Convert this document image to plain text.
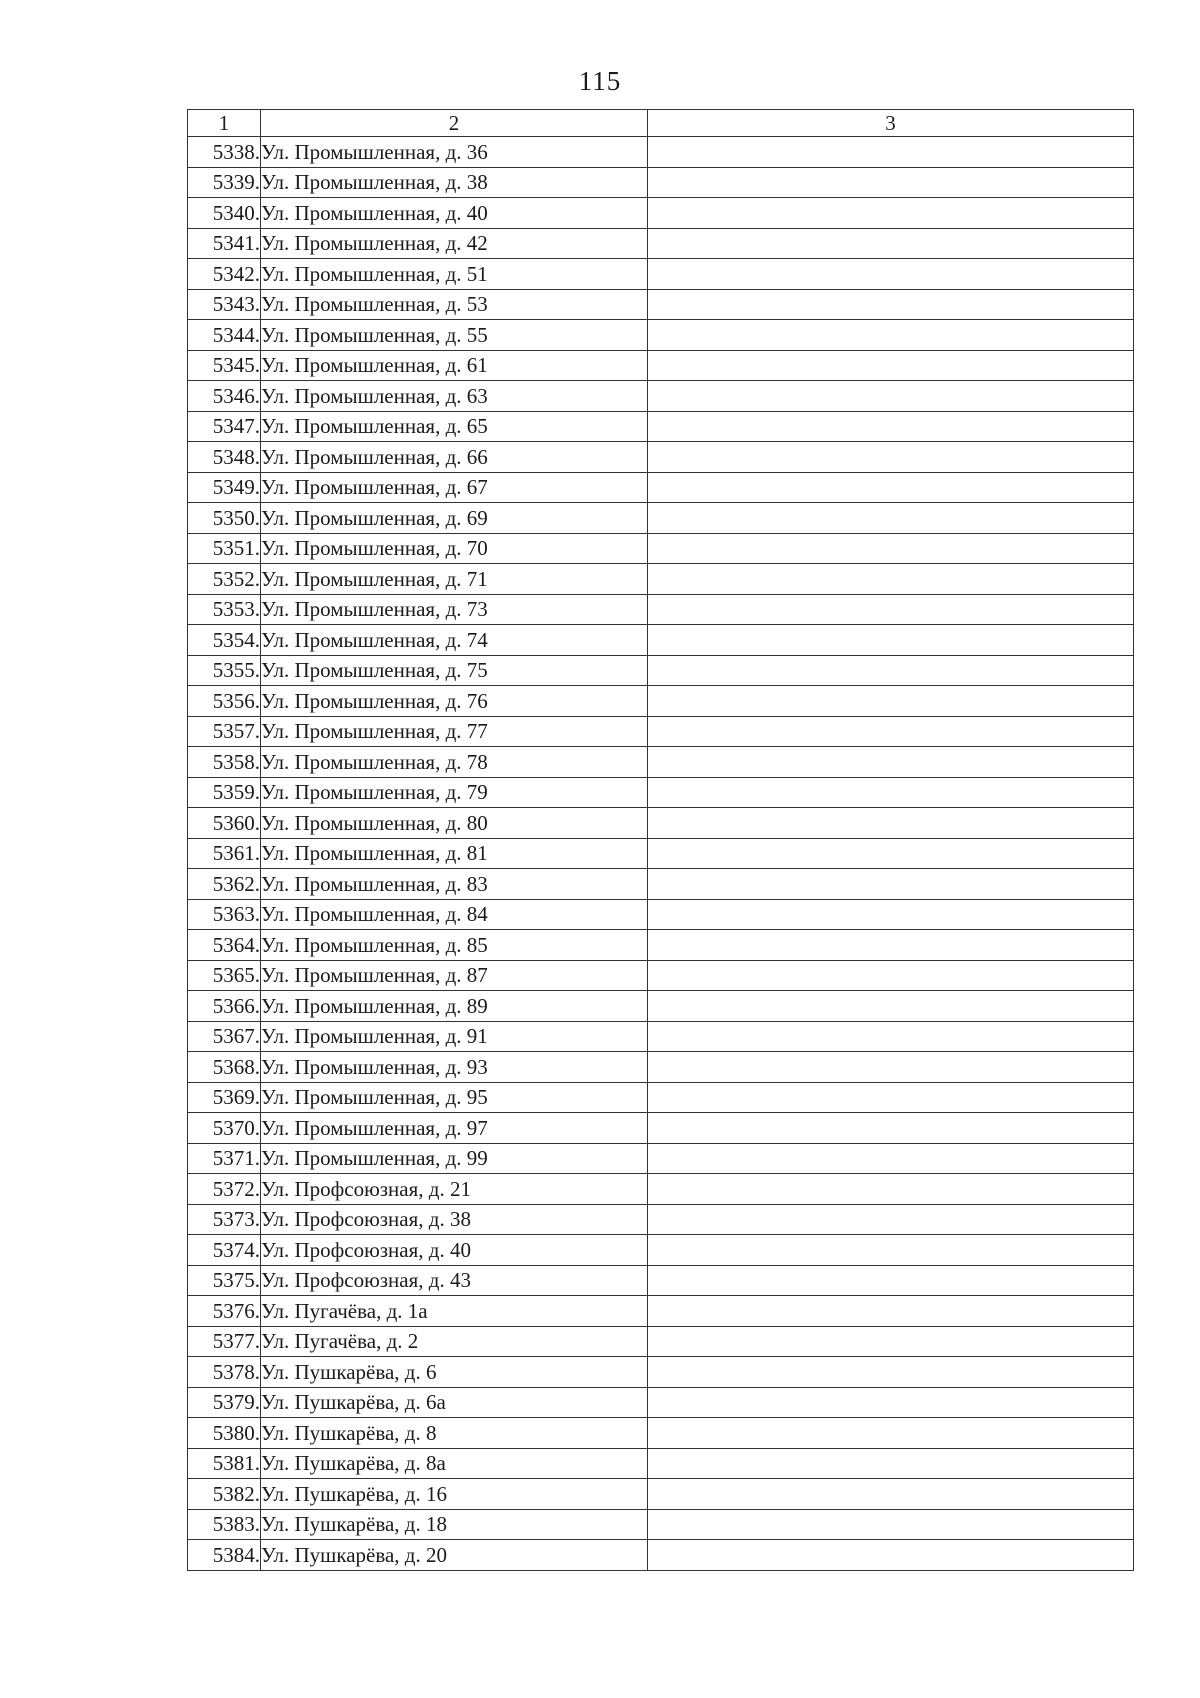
115
1	2	3
5338.	Ул. Промышленная, д. 36	
5339.	Ул. Промышленная, д. 38	
5340.	Ул. Промышленная, д. 40	
5341.	Ул. Промышленная, д. 42	
5342.	Ул. Промышленная, д. 51	
5343.	Ул. Промышленная, д. 53	
5344.	Ул. Промышленная, д. 55	
5345.	Ул. Промышленная, д. 61	
5346.	Ул. Промышленная, д. 63	
5347.	Ул. Промышленная, д. 65	
5348.	Ул. Промышленная, д. 66	
5349.	Ул. Промышленная, д. 67	
5350.	Ул. Промышленная, д. 69	
5351.	Ул. Промышленная, д. 70	
5352.	Ул. Промышленная, д. 71	
5353.	Ул. Промышленная, д. 73	
5354.	Ул. Промышленная, д. 74	
5355.	Ул. Промышленная, д. 75	
5356.	Ул. Промышленная, д. 76	
5357.	Ул. Промышленная, д. 77	
5358.	Ул. Промышленная, д. 78	
5359.	Ул. Промышленная, д. 79	
5360.	Ул. Промышленная, д. 80	
5361.	Ул. Промышленная, д. 81	
5362.	Ул. Промышленная, д. 83	
5363.	Ул. Промышленная, д. 84	
5364.	Ул. Промышленная, д. 85	
5365.	Ул. Промышленная, д. 87	
5366.	Ул. Промышленная, д. 89	
5367.	Ул. Промышленная, д. 91	
5368.	Ул. Промышленная, д. 93	
5369.	Ул. Промышленная, д. 95	
5370.	Ул. Промышленная, д. 97	
5371.	Ул. Промышленная, д. 99	
5372.	Ул. Профсоюзная, д. 21	
5373.	Ул. Профсоюзная, д. 38	
5374.	Ул. Профсоюзная, д. 40	
5375.	Ул. Профсоюзная, д. 43	
5376.	Ул. Пугачёва, д. 1а	
5377.	Ул. Пугачёва, д. 2	
5378.	Ул. Пушкарёва, д. 6	
5379.	Ул. Пушкарёва, д. 6а	
5380.	Ул. Пушкарёва, д. 8	
5381.	Ул. Пушкарёва, д. 8а	
5382.	Ул. Пушкарёва, д. 16	
5383.	Ул. Пушкарёва, д. 18	
5384.	Ул. Пушкарёва, д. 20	
